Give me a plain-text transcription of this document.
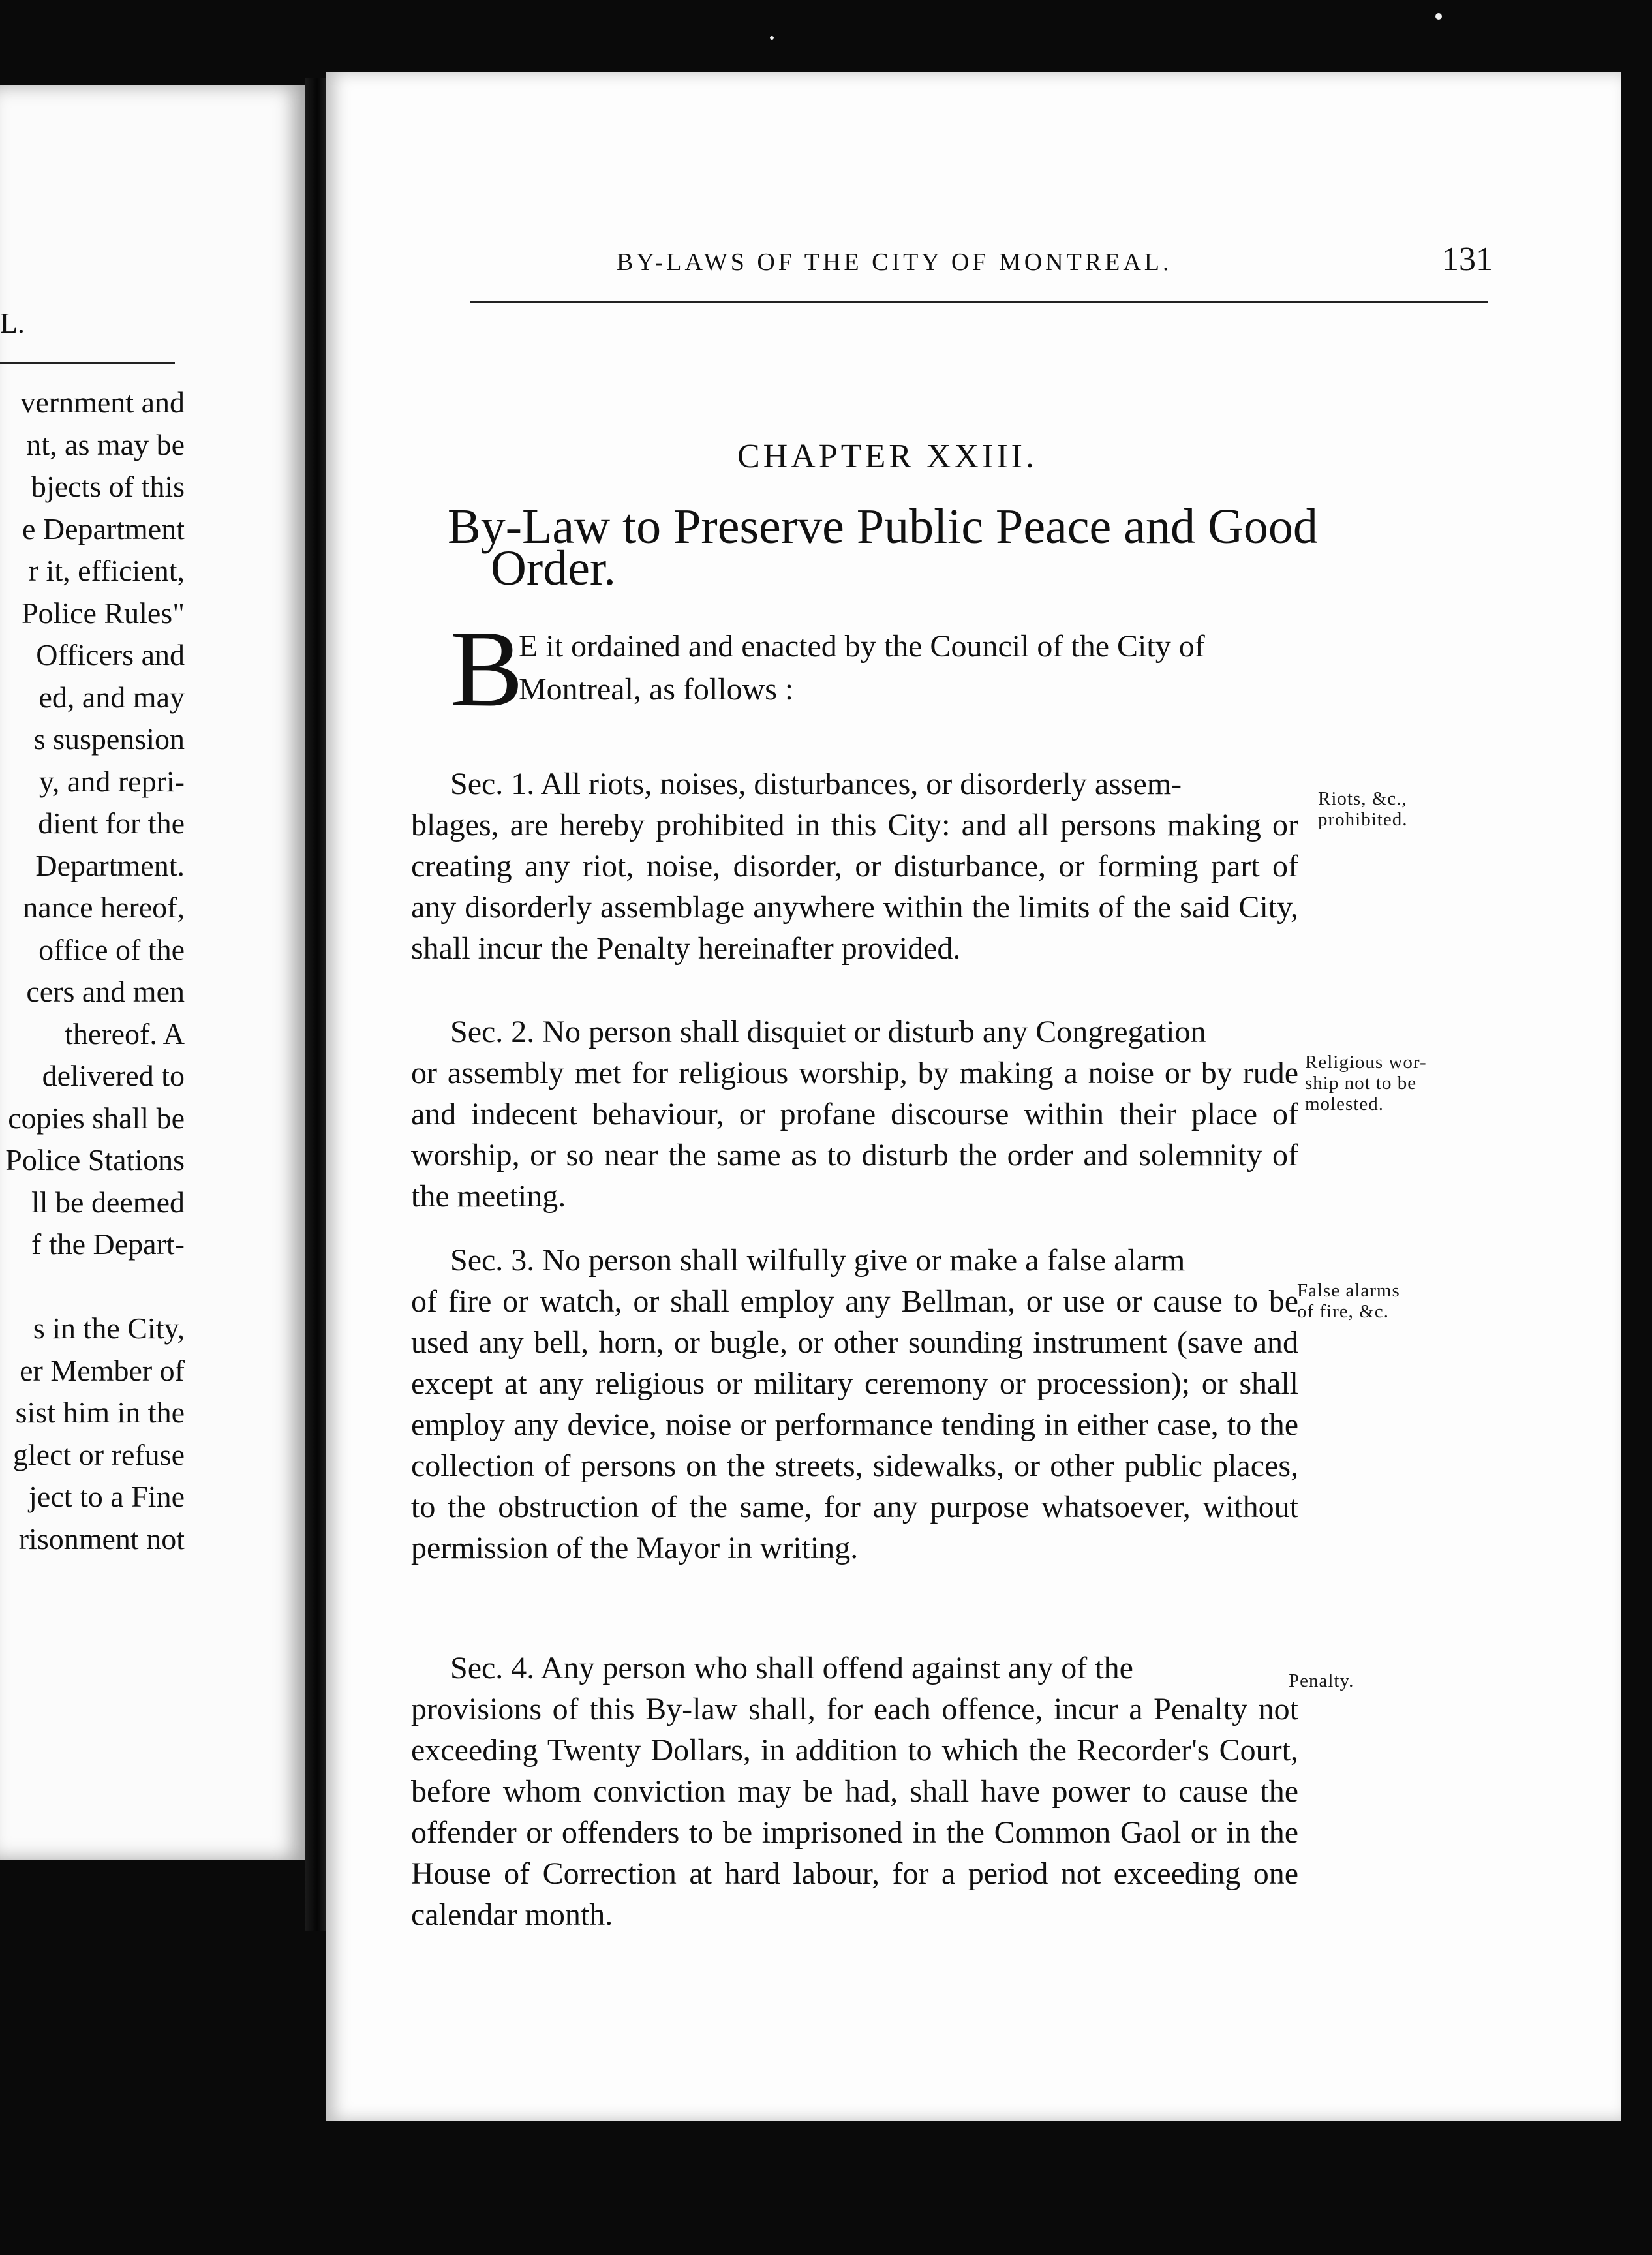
L.
vernment and
nt, as may be
bjects of this
e Department
r it, efficient,
Police Rules"
Officers and
ed, and may
s suspension
y, and repri-
dient for the
Department.
nance hereof,
office of the
cers and men
thereof. A
delivered to
copies shall be
Police Stations
ll be deemed
f the Depart-
s in the City,
er Member of
sist him in the
glect or refuse
ject to a Fine
risonment not
BY-LAWS OF THE CITY OF MONTREAL.	131
CHAPTER XXIII.
By-Law to Preserve Public Peace and Good
Order.
B
E it ordained and enacted by the Council of the City of
Montreal, as follows :
Sec. 1. All riots, noises, disturbances, or disorderly assem-
blages, are hereby prohibited in this City: and all persons making or creating any riot, noise, disorder, or disturbance, or forming part of any disorderly assemblage anywhere within the limits of the said City, shall incur the Penalty hereinafter provided.
Riots, &c.,
prohibited.
Sec. 2. No person shall disquiet or disturb any Congregation
or assembly met for religious worship, by making a noise or by rude and indecent behaviour, or profane discourse within their place of worship, or so near the same as to disturb the order and solemnity of the meeting.
Religious wor-
ship not to be
molested.
Sec. 3. No person shall wilfully give or make a false alarm
of fire or watch, or shall employ any Bellman, or use or cause to be used any bell, horn, or bugle, or other sounding instrument (save and except at any religious or military ceremony or procession); or shall employ any device, noise or performance tending in either case, to the collection of persons on the streets, sidewalks, or other public places, to the obstruction of the same, for any purpose whatsoever, without permission of the Mayor in writing.
False alarms
of fire, &c.
Sec. 4. Any person who shall offend against any of the
provisions of this By-law shall, for each offence, incur a Penalty not exceeding Twenty Dollars, in addition to which the Recorder's Court, before whom conviction may be had, shall have power to cause the offender or offenders to be imprisoned in the Common Gaol or in the House of Correction at hard labour, for a period not exceeding one calendar month.
Penalty.
